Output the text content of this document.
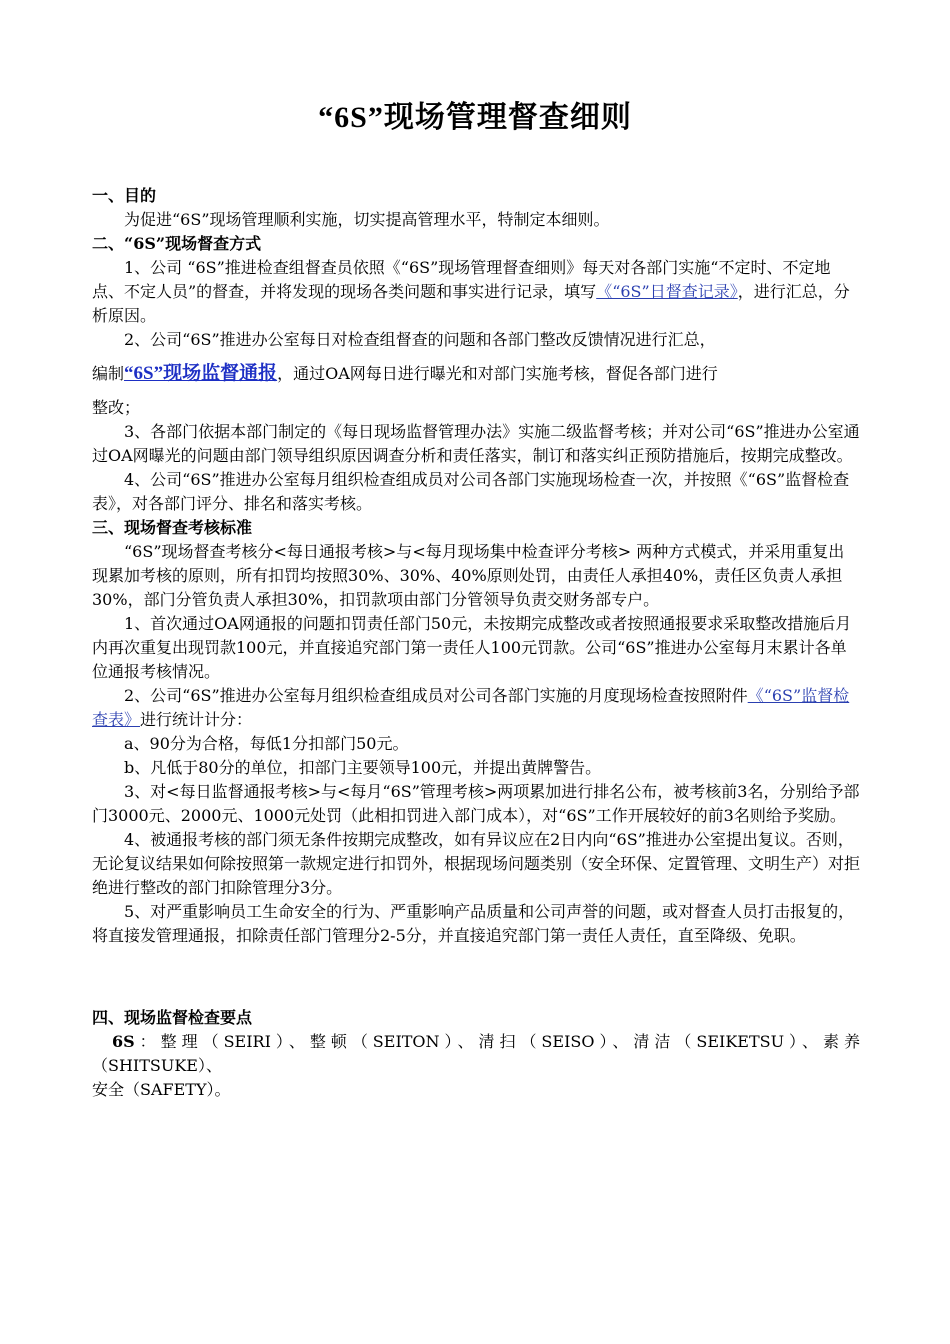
“6S”现场管理督查细则

一、目的

为促进“6S”现场管理顺利实施，切实提高管理水平，特制定本细则。

二、“6S”现场督查方式

1、公司 “6S”推进检查组督查员依照《“6S”现场管理督查细则》每天对各部门实施“不定时、不定地点、不定人员”的督查，并将发现的现场各类问题和事实进行记录，填写《“6S”日督查记录》，进行汇总，分析原因。

2、公司“6S”推进办公室每日对检查组督查的问题和各部门整改反馈情况进行汇总，

编制“6S”现场监督通报，通过OA网每日进行曝光和对部门实施考核，督促各部门进行

整改；

3、各部门依据本部门制定的《每日现场监督管理办法》实施二级监督考核；并对公司“6S”推进办公室通过OA网曝光的问题由部门领导组织原因调查分析和责任落实，制订和落实纠正预防措施后，按期完成整改。

4、公司“6S”推进办公室每月组织检查组成员对公司各部门实施现场检查一次，并按照《“6S”监督检查表》，对各部门评分、排名和落实考核。

三、现场督查考核标准

“6S”现场督查考核分<每日通报考核>与<每月现场集中检查评分考核> 两种方式模式，并采用重复出现累加考核的原则，所有扣罚均按照30%、30%、40%原则处罚，由责任人承担40%，责任区负责人承担30%，部门分管负责人承担30%，扣罚款项由部门分管领导负责交财务部专户。

1、首次通过OA网通报的问题扣罚责任部门50元，未按期完成整改或者按照通报要求采取整改措施后月内再次重复出现罚款100元，并直接追究部门第一责任人100元罚款。公司“6S”推进办公室每月末累计各单位通报考核情况。

2、公司“6S”推进办公室每月组织检查组成员对公司各部门实施的月度现场检查按照附件《“6S”监督检查表》进行统计计分：

a、90分为合格，每低1分扣部门50元。

b、凡低于80分的单位，扣部门主要领导100元，并提出黄牌警告。

3、对<每日监督通报考核>与<每月“6S”管理考核>两项累加进行排名公布，被考核前3名，分别给予部门3000元、2000元、1000元处罚（此相扣罚进入部门成本），对“6S”工作开展较好的前3名则给予奖励。

4、被通报考核的部门须无条件按期完成整改，如有异议应在2日内向“6S”推进办公室提出复议。否则，无论复议结果如何除按照第一款规定进行扣罚外，根据现场问题类别（安全环保、定置管理、文明生产）对拒绝进行整改的部门扣除管理分3分。

5、对严重影响员工生命安全的行为、严重影响产品质量和公司声誉的问题，或对督查人员打击报复的，将直接发管理通报，扣除责任部门管理分2-5分，并直接追究部门第一责任人责任，直至降级、免职。

四、现场监督检查要点

6S：整理（SEIRI）、整顿（SEITON）、清扫（SEISO）、清洁（SEIKETSU）、素养

（SHITSUKE）、

安全（SAFETY）。
